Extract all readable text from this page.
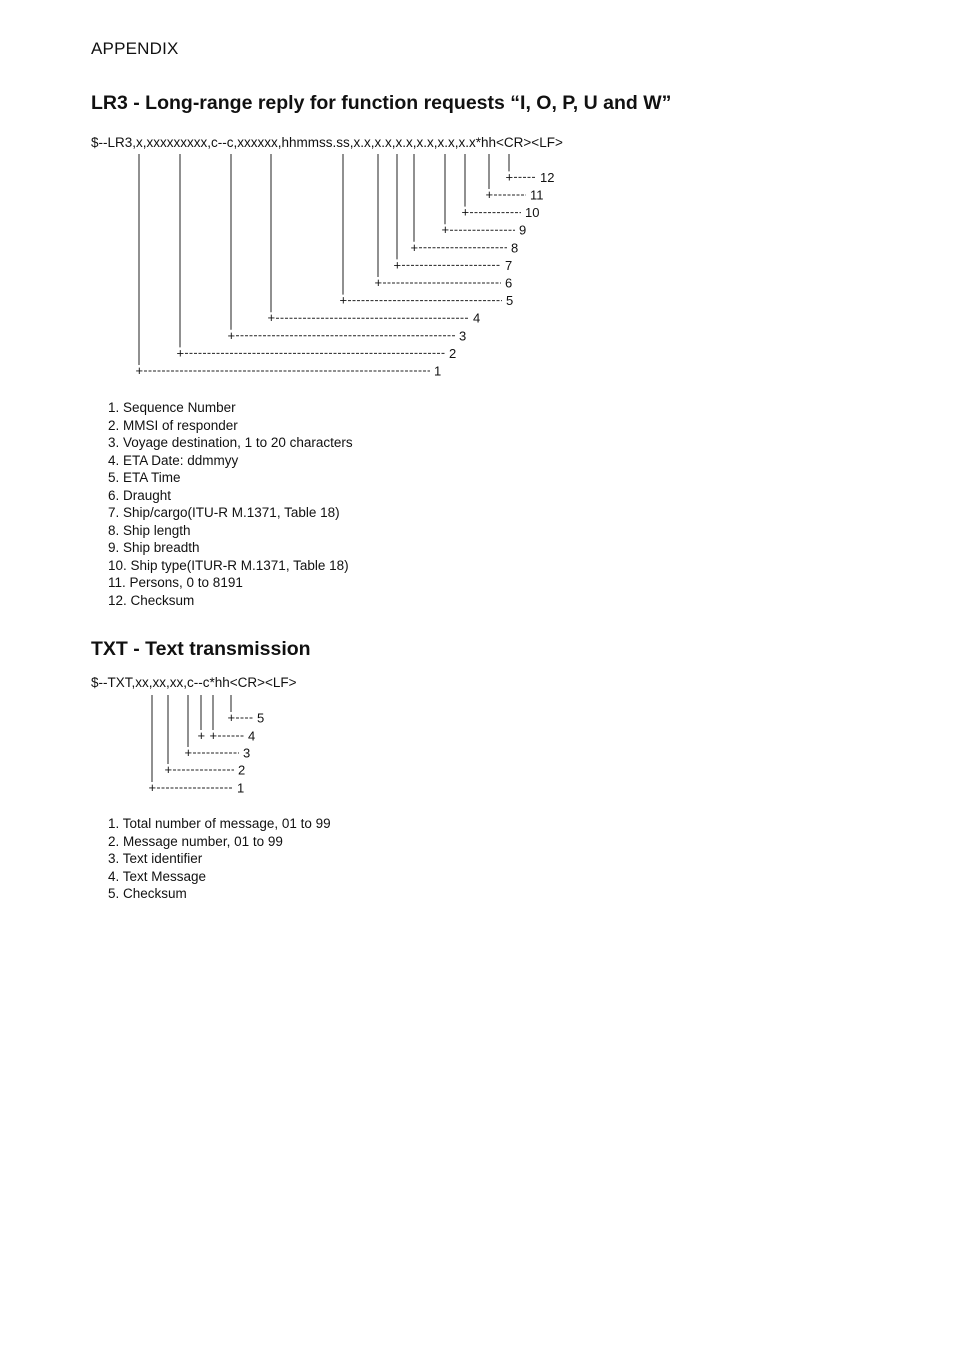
APPENDIX
LR3 - Long-range reply for function requests “I, O, P, U and W”
$--LR3,x,xxxxxxxxx,c--c,xxxxxx,hhmmss.ss,x.x,x.x,x.x,x.x,x.x,x.x*hh<CR><LF>
+	1
+	2
+	3
+	4
+	5
+	6
+	7
+	8
+	9
+	10
+	11
+ 12
+	1
+	2
+	3
+ 4
+ 5
+
1. Sequence Number
2. MMSI of responder
3. Voyage destination, 1 to 20 characters
4. ETA Date: ddmmyy
5. ETA Time
6. Draught
7. Ship/cargo(ITU-R M.1371, Table 18)
8. Ship length
9. Ship breadth
10. Ship type(ITUR-R M.1371, Table 18)
11. Persons, 0 to 8191
12. Checksum
TXT - Text transmission
$--TXT,xx,xx,xx,c--c*hh<CR><LF>
1. Total number of message, 01 to 99
2. Message number, 01 to 99
3. Text identifier
4. Text Message
5. Checksum
